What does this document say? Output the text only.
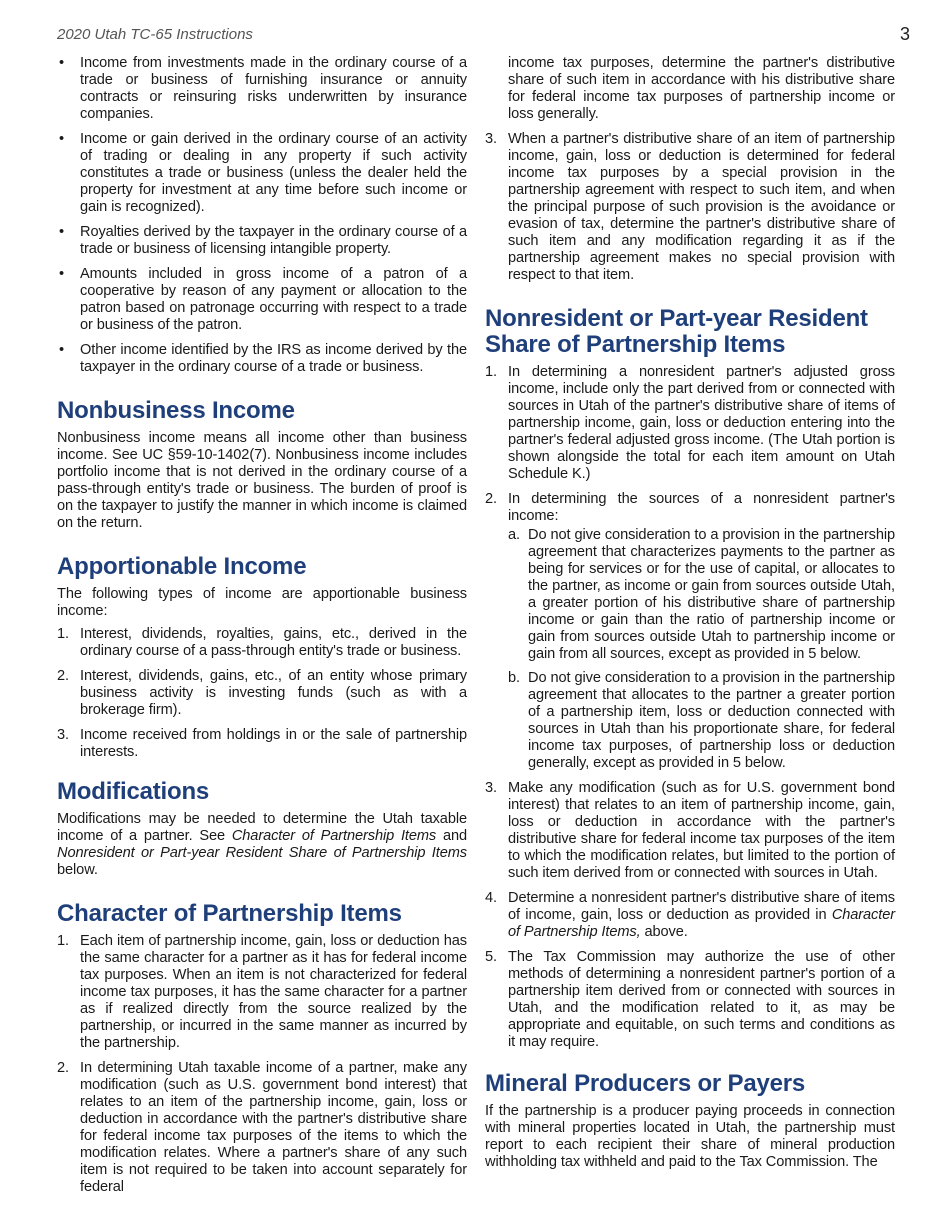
2020 Utah TC-65 Instructions	3
• Income from investments made in the ordinary course of a trade or business of furnishing insurance or annuity contracts or reinsuring risks underwritten by insurance companies.
• Income or gain derived in the ordinary course of an activity of trading or dealing in any property if such activity constitutes a trade or business (unless the dealer held the property for investment at any time before such income or gain is recognized).
• Royalties derived by the taxpayer in the ordinary course of a trade or business of licensing intangible property.
• Amounts included in gross income of a patron of a cooperative by reason of any payment or allocation to the patron based on patronage occurring with respect to a trade or business of the patron.
• Other income identified by the IRS as income derived by the taxpayer in the ordinary course of a trade or business.
Nonbusiness Income

Nonbusiness income means all income other than business income. See UC §59-10-1402(7). Nonbusiness income includes portfolio income that is not derived in the ordinary course of a pass-through entity's trade or business. The burden of proof is on the taxpayer to justify the manner in which income is claimed on the return.

Apportionable Income

The following types of income are apportionable business income:

1. Interest, dividends, royalties, gains, etc., derived in the ordinary course of a pass-through entity's trade or business.
2. Interest, dividends, gains, etc., of an entity whose primary business activity is investing funds (such as with a brokerage firm).
3. Income received from holdings in or the sale of partnership interests.
Modifications

Modifications may be needed to determine the Utah taxable income of a partner. See Character of Partnership Items and Nonresident or Part-year Resident Share of Partnership Items below.

Character of Partnership Items
1. Each item of partnership income, gain, loss or deduction has the same character for a partner as it has for federal income tax purposes. When an item is not characterized for federal income tax purposes, it has the same character for a partner as if realized directly from the source realized by the partnership, or incurred in the same manner as incurred by the partnership.
2. In determining Utah taxable income of a partner, make any modification (such as U.S. government bond interest) that relates to an item of the partnership income, gain, loss or deduction in accordance with the partner's distributive share for federal income tax purposes of the items to which the modification relates. Where a partner's share of any such item is not required to be taken into account separately for federal

income tax purposes, determine the partner's distributive share of such item in accordance with his distributive share for federal income tax purposes of partnership income or loss generally.

3. When a partner's distributive share of an item of partnership income, gain, loss or deduction is determined for federal income tax purposes by a special provision in the partnership agreement with respect to such item, and when the principal purpose of such provision is the avoidance or evasion of tax, determine the partner's distributive share of such item and any modification regarding it as if the partnership agreement makes no special provision with respect to that item.
Nonresident or Part-year Resident Share of Partnership Items
1. In determining a nonresident partner's adjusted gross income, include only the part derived from or connected with sources in Utah of the partner's distributive share of items of partnership income, gain, loss or deduction entering into the partner's federal adjusted gross income. (The Utah portion is shown alongside the total for each item amount on Utah Schedule K.)
2. In determining the sources of a nonresident partner's income:
a. Do not give consideration to a provision in the partnership agreement that characterizes payments to the partner as being for services or for the use of capital, or allocates to the partner, as income or gain from sources outside Utah, a greater portion of his distributive share of partnership income or gain than the ratio of partnership income or gain from sources outside Utah to partnership income or gain from all sources, except as provided in 5 below.
b. Do not give consideration to a provision in the partnership agreement that allocates to the partner a greater portion of a partnership item, loss or deduction connected with sources in Utah than his proportionate share, for federal income tax purposes, of partnership loss or deduction generally, except as provided in 5 below.
3. Make any modification (such as for U.S. government bond interest) that relates to an item of partnership income, gain, loss or deduction in accordance with the partner's distributive share for federal income tax purposes of the item to which the modification relates, but limited to the portion of such item derived from or connected with sources in Utah.
4. Determine a nonresident partner's distributive share of items of income, gain, loss or deduction as provided in Character of Partnership Items, above.
5. The Tax Commission may authorize the use of other methods of determining a nonresident partner's portion of a partnership item derived from or connected with sources in Utah, and the modification related to it, as may be appropriate and equitable, on such terms and conditions as it may require.
Mineral Producers or Payers

If the partnership is a producer paying proceeds in connection with mineral properties located in Utah, the partnership must report to each recipient their share of mineral production withholding tax withheld and paid to the Tax Commission. The
